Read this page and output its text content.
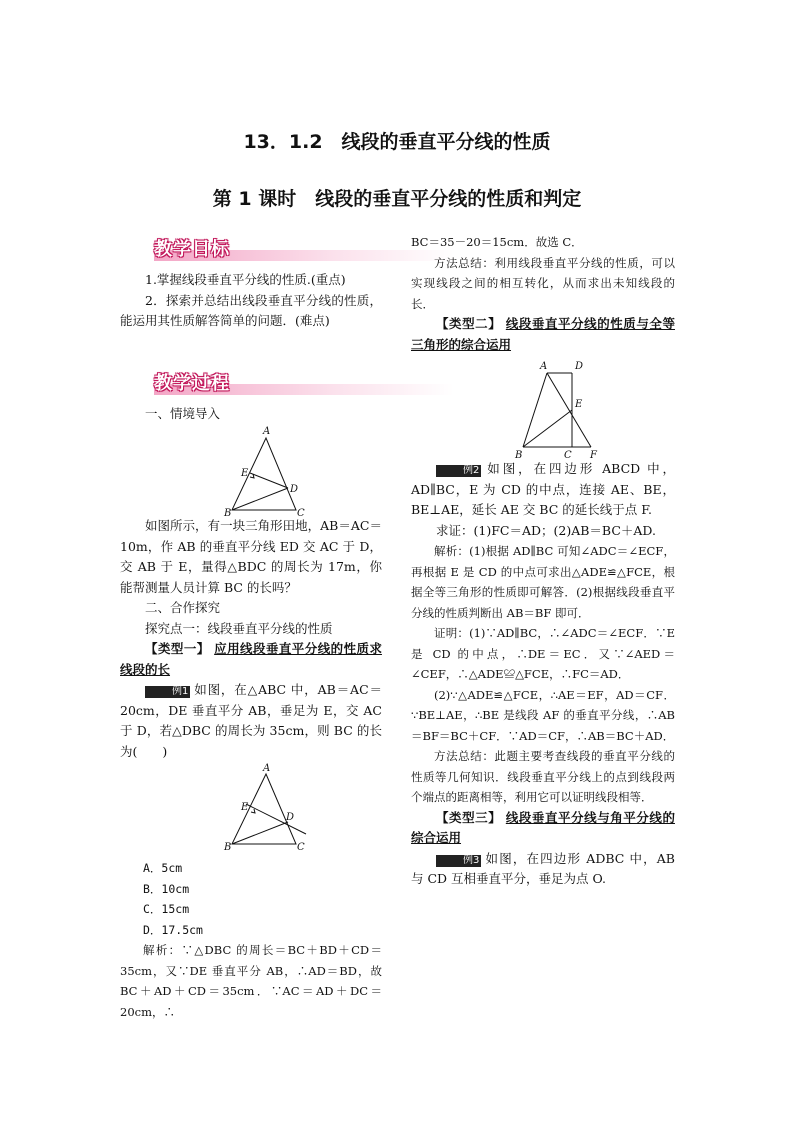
13．1.2　线段的垂直平分线的性质
第 1 课时　线段的垂直平分线的性质和判定
教学目标

1.掌握线段垂直平分线的性质.(重点)

2．探索并总结出线段垂直平分线的性质，能运用其性质解答简单的问题．(难点)

教学过程

一、情境导入

A
E
D
B	C

如图所示，有一块三角形田地，AB＝AC＝10m，作 AB 的垂直平分线 ED 交 AC 于 D，交 AB 于 E，量得△BDC 的周长为 17m，你能帮测量人员计算 BC 的长吗？

二、合作探究

探究点一：线段垂直平分线的性质

【类型一】 应用线段垂直平分线的性质求线段的长

例1 如图，在△ABC 中，AB＝AC＝20cm，DE 垂直平分 AB，垂足为 E，交 AC 于 D，若△DBC 的周长为 35cm，则 BC 的长为(　　)

A
E
D
B	C

A．5cm

B．10cm

C．15cm

D．17.5cm

解析：∵△DBC 的周长＝BC＋BD＋CD＝35cm，又∵DE 垂直平分 AB，∴AD＝BD，故 BC＋AD＋CD＝35cm．∵AC＝AD＋DC＝20cm，∴

BC＝35－20＝15cm．故选 C．

方法总结：利用线段垂直平分线的性质，可以实现线段之间的相互转化，从而求出未知线段的长．

【类型二】 线段垂直平分线的性质与全等三角形的综合运用

A	D
E
B	C F

例2 如图，在四边形 ABCD 中，AD∥BC，E 为 CD 的中点，连接 AE、BE，BE⊥AE，延长 AE 交 BC 的延长线于点 F.

求证：(1)FC＝AD；(2)AB＝BC＋AD.

解析：(1)根据 AD∥BC 可知∠ADC＝∠ECF，再根据 E 是 CD 的中点可求出△ADE≌△FCE，根据全等三角形的性质即可解答．(2)根据线段垂直平分线的性质判断出 AB＝BF 即可．

证明：(1)∵AD∥BC，∴∠ADC＝∠ECF．∵E 是 CD 的中点，∴DE＝EC．又∵∠AED＝∠CEF，∴△ADE≌△FCE，∴FC＝AD．

(2)∵△ADE≌△FCE，∴AE＝EF，AD＝CF．∵BE⊥AE，∴BE 是线段 AF 的垂直平分线，∴AB＝BF＝BC＋CF．∵AD＝CF，∴AB＝BC＋AD．

方法总结：此题主要考查线段的垂直平分线的性质等几何知识．线段垂直平分线上的点到线段两个端点的距离相等，利用它可以证明线段相等．

【类型三】 线段垂直平分线与角平分线的综合运用

例3 如图，在四边形 ADBC 中，AB 与 CD 互相垂直平分，垂足为点 O.
